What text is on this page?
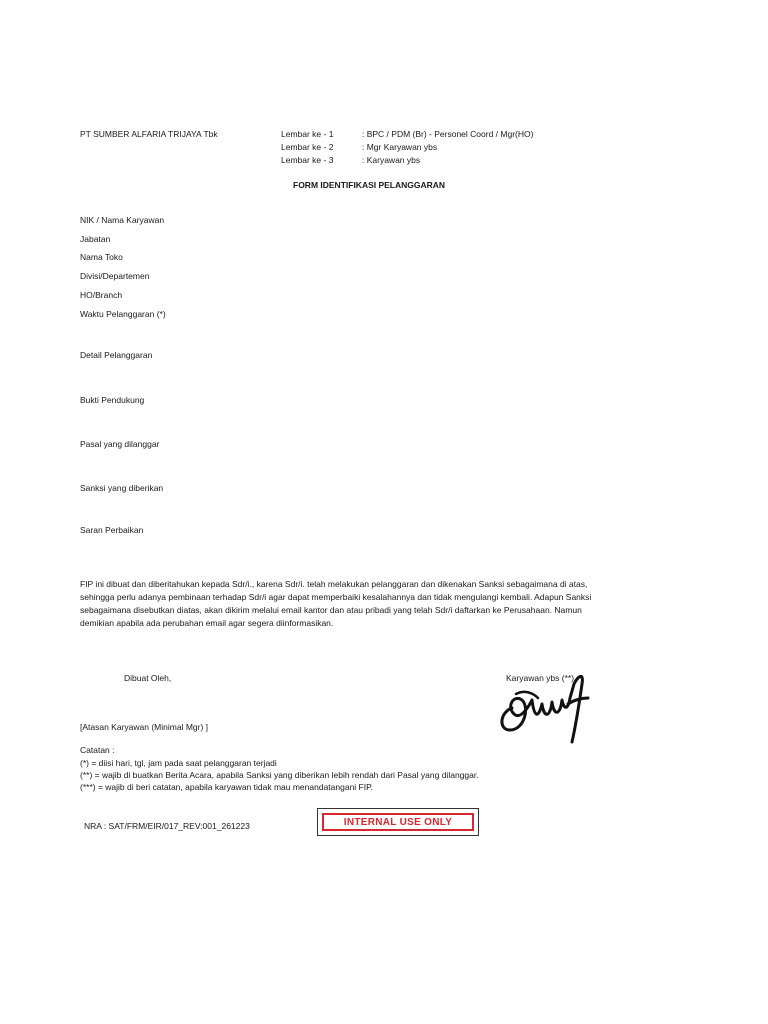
PT SUMBER ALFARIA TRIJAYA Tbk	Lembar ke - 1	: BPC / PDM (Br) - Personel Coord / Mgr(HO)
Lembar ke - 2	: Mgr Karyawan ybs
Lembar ke - 3	: Karyawan ybs
FORM IDENTIFIKASI PELANGGARAN
NIK / Nama Karyawan
Jabatan
Nama Toko
Divisi/Departemen
HO/Branch
Waktu Pelanggaran (*)
Detail Pelanggaran
Bukti Pendukung
Pasal yang dilanggar
Sanksi yang diberikan
Saran Perbaikan
FIP ini dibuat dan diberitahukan kepada Sdr/i., karena Sdr/i. telah melakukan pelanggaran dan dikenakan Sanksi sebagaimana di atas,
sehingga perlu adanya pembinaan terhadap Sdr/i agar dapat memperbaiki kesalahannya dan tidak mengulangi kembali. Adapun Sanksi
sebagaimana disebutkan diatas, akan dikirim melalui email kantor dan atau pribadi yang telah Sdr/i daftarkan ke Perusahaan. Namun
demikian apabila ada perubahan email agar segera diinformasikan.
Dibuat Oleh,	Karyawan ybs (**)
[Atasan Karyawan (Minimal Mgr) ]
Catatan :
(*) = diisi hari, tgl, jam pada saat pelanggaran terjadi
(**) = wajib di buatkan Berita Acara, apabila Sanksi yang diberikan lebih rendah dari Pasal yang dilanggar.
(***) = wajib di beri catatan, apabila karyawan tidak mau menandatangani FIP.
NRA : SAT/FRM/EIR/017_REV:001_261223	INTERNAL USE ONLY
